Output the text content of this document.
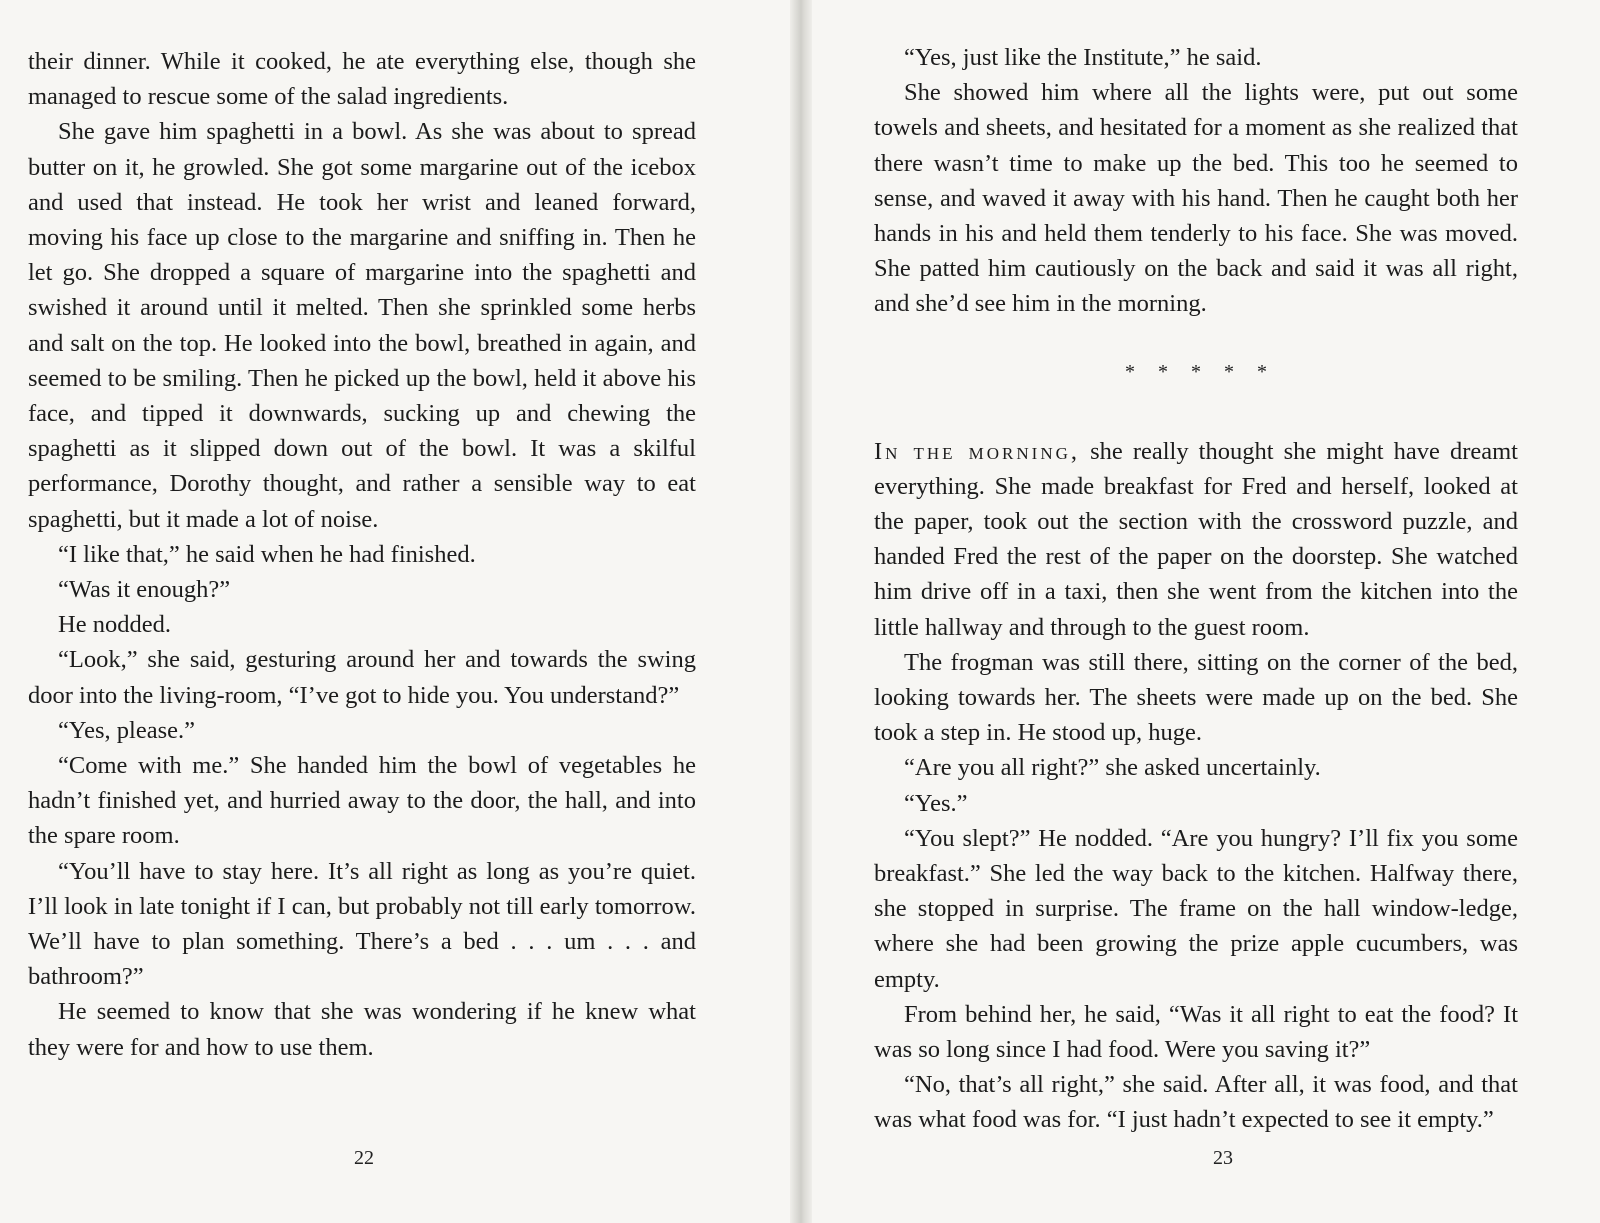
their dinner. While it cooked, he ate everything else, though she managed to rescue some of the salad ingredients.

She gave him spaghetti in a bowl. As she was about to spread butter on it, he growled. She got some margarine out of the icebox and used that instead. He took her wrist and leaned forward, moving his face up close to the margarine and sniffing in. Then he let go. She dropped a square of margarine into the spaghetti and swished it around until it melted. Then she sprinkled some herbs and salt on the top. He looked into the bowl, breathed in again, and seemed to be smiling. Then he picked up the bowl, held it above his face, and tipped it downwards, sucking up and chewing the spaghetti as it slipped down out of the bowl. It was a skilful performance, Dorothy thought, and rather a sensible way to eat spaghetti, but it made a lot of noise.

“I like that,” he said when he had finished.

“Was it enough?”

He nodded.

“Look,” she said, gesturing around her and towards the swing door into the living-room, “I’ve got to hide you. You understand?”

“Yes, please.”

“Come with me.” She handed him the bowl of vegetables he hadn’t finished yet, and hurried away to the door, the hall, and into the spare room.

“You’ll have to stay here. It’s all right as long as you’re quiet. I’ll look in late tonight if I can, but probably not till early tomorrow. We’ll have to plan something. There’s a bed . . . um . . . and bathroom?”

He seemed to know that she was wondering if he knew what they were for and how to use them.

22	23

“Yes, just like the Institute,” he said.

She showed him where all the lights were, put out some towels and sheets, and hesitated for a moment as she realized that there wasn’t time to make up the bed. This too he seemed to sense, and waved it away with his hand. Then he caught both her hands in his and held them tenderly to his face. She was moved. She patted him cautiously on the back and said it was all right, and she’d see him in the morning.

* * * * *

In the morning, she really thought she might have dreamt everything. She made breakfast for Fred and herself, looked at the paper, took out the section with the crossword puzzle, and handed Fred the rest of the paper on the doorstep. She watched him drive off in a taxi, then she went from the kitchen into the little hallway and through to the guest room.

The frogman was still there, sitting on the corner of the bed, looking towards her. The sheets were made up on the bed. She took a step in. He stood up, huge.

“Are you all right?” she asked uncertainly.

“Yes.”

“You slept?” He nodded. “Are you hungry? I’ll fix you some breakfast.” She led the way back to the kitchen. Halfway there, she stopped in surprise. The frame on the hall window-ledge, where she had been growing the prize apple cucumbers, was empty.

From behind her, he said, “Was it all right to eat the food? It was so long since I had food. Were you saving it?”

“No, that’s all right,” she said. After all, it was food, and that was what food was for. “I just hadn’t expected to see it empty.”
